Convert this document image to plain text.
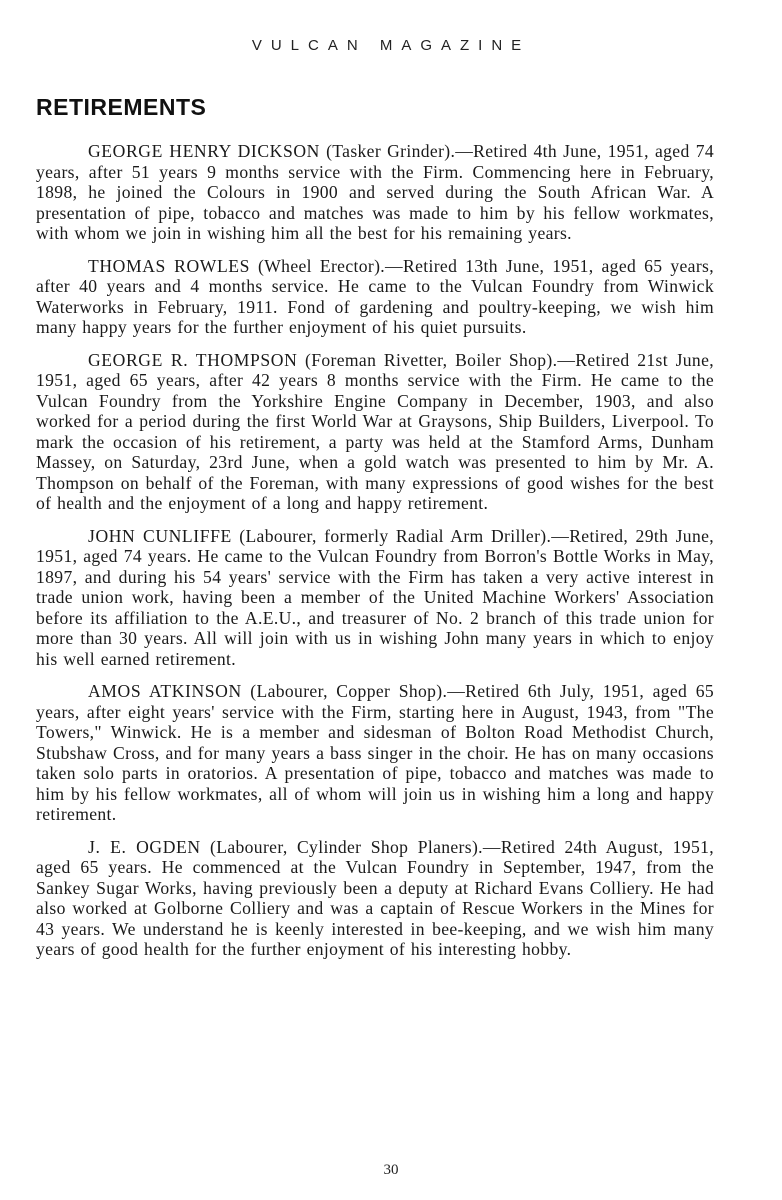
VULCAN MAGAZINE
RETIREMENTS

GEORGE HENRY DICKSON (Tasker Grinder).—Retired 4th June, 1951, aged 74 years, after 51 years 9 months service with the Firm. Commencing here in February, 1898, he joined the Colours in 1900 and served during the South African War. A presentation of pipe, tobacco and matches was made to him by his fellow workmates, with whom we join in wishing him all the best for his remaining years.

THOMAS ROWLES (Wheel Erector).—Retired 13th June, 1951, aged 65 years, after 40 years and 4 months service. He came to the Vulcan Foundry from Winwick Waterworks in February, 1911. Fond of gardening and poultry-keeping, we wish him many happy years for the further enjoyment of his quiet pursuits.

GEORGE R. THOMPSON (Foreman Rivetter, Boiler Shop).—Retired 21st June, 1951, aged 65 years, after 42 years 8 months service with the Firm. He came to the Vulcan Foundry from the Yorkshire Engine Company in December, 1903, and also worked for a period during the first World War at Graysons, Ship Builders, Liverpool. To mark the occasion of his retirement, a party was held at the Stamford Arms, Dunham Massey, on Saturday, 23rd June, when a gold watch was presented to him by Mr. A. Thompson on behalf of the Foreman, with many expressions of good wishes for the best of health and the enjoyment of a long and happy retirement.

JOHN CUNLIFFE (Labourer, formerly Radial Arm Driller).—Retired, 29th June, 1951, aged 74 years. He came to the Vulcan Foundry from Borron's Bottle Works in May, 1897, and during his 54 years' service with the Firm has taken a very active interest in trade union work, having been a member of the United Machine Workers' Association before its affiliation to the A.E.U., and treasurer of No. 2 branch of this trade union for more than 30 years. All will join with us in wishing John many years in which to enjoy his well earned retirement.

AMOS ATKINSON (Labourer, Copper Shop).—Retired 6th July, 1951, aged 65 years, after eight years' service with the Firm, starting here in August, 1943, from "The Towers," Winwick. He is a member and sidesman of Bolton Road Methodist Church, Stubshaw Cross, and for many years a bass singer in the choir. He has on many occasions taken solo parts in oratorios. A presentation of pipe, tobacco and matches was made to him by his fellow workmates, all of whom will join us in wishing him a long and happy retirement.

J. E. OGDEN (Labourer, Cylinder Shop Planers).—Retired 24th August, 1951, aged 65 years. He commenced at the Vulcan Foundry in September, 1947, from the Sankey Sugar Works, having previously been a deputy at Richard Evans Colliery. He had also worked at Golborne Colliery and was a captain of Rescue Workers in the Mines for 43 years. We understand he is keenly interested in bee-keeping, and we wish him many years of good health for the further enjoyment of his interesting hobby.

30
